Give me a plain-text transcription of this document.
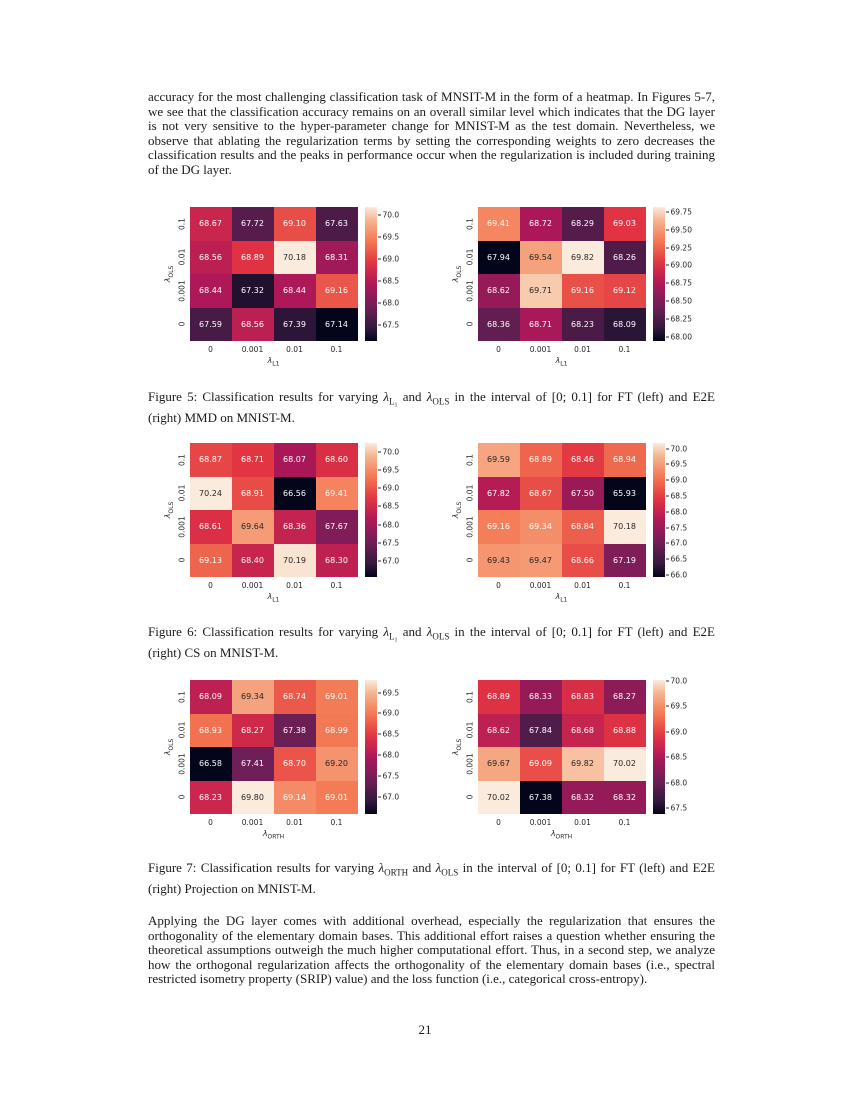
accuracy for the most challenging classification task of MNSIT-M in the form of a heatmap. In Figures 5-7, we see that the classification accuracy remains on an overall similar level which indicates that the DG layer is not very sensitive to the hyper-parameter change for MNIST-M as the test domain. Nevertheless, we observe that ablating the regularization terms by setting the corresponding weights to zero decreases the classification results and the peaks in performance occur when the regularization is included during training of the DG layer.

$\lambda_{OLS}$
0.1
0.01
0.001
0
68.67	67.72	69.10	67.63
68.56	68.89	70.18	68.31
68.44	67.32	68.44	69.16
67.59	68.56	67.39	67.14	67.5
68.0
68.5
69.0
69.5
70.0
0	0.001	0.01	0.1
$\lambda_{L1}$
$\lambda_{OLS}$
0.1
0.01
0.001
0
69.41	68.72	68.29	69.03
67.94	69.54	69.82	68.26
68.62	69.71	69.16	69.12
68.36	68.71	68.23	68.09
68.00
68.25
68.50
68.75
69.00
69.25
69.50
69.75
0	0.001	0.01	0.1
$\lambda_{L1}$

Figure 5: Classification results for varying $\lambda_{L_1}$ and $\lambda_{OLS}$ in the interval of [0; 0.1] for FT (left) and E2E (right) MMD on MNIST-M.

$\lambda_{OLS}$
0.1
0.01
0.001
0
68.87	68.71	68.07	68.60
70.24	68.91	66.56	69.41
68.61	69.64	68.36	67.67
69.13	68.40	70.19	68.30	67.0
67.5
68.0
68.5
69.0
69.5
70.0
0	0.001	0.01	0.1
$\lambda_{L1}$
$\lambda_{OLS}$
0.1
0.01
0.001
0
69.59	68.89	68.46	68.94
67.82	68.67	67.50	65.93
69.16	69.34	68.84	70.18
69.43	69.47	68.66	67.19
66.0
66.5
67.0
67.5
68.0
68.5
69.0
69.5
70.0
0	0.001	0.01	0.1
$\lambda_{L1}$

Figure 6: Classification results for varying $\lambda_{L_1}$ and $\lambda_{OLS}$ in the interval of [0; 0.1] for FT (left) and E2E (right) CS on MNIST-M.

$\lambda_{OLS}$
0.1
0.01
0.001
0
68.09	69.34	68.74	69.01
68.93	68.27	67.38	68.99
66.58	67.41	68.70	69.20
68.23	69.80	69.14	69.01	67.0
67.5
68.0
68.5
69.0
69.5
0	0.001	0.01	0.1
$\lambda_{ORTH}$
$\lambda_{OLS}$
0.1
0.01
0.001
0
68.89	68.33	68.83	68.27
68.62	67.84	68.68	68.88
69.67	69.09	69.82	70.02
70.02	67.38	68.32	68.32
67.5
68.0
68.5
69.0
69.5
70.0
0	0.001	0.01	0.1
$\lambda_{ORTH}$

Figure 7: Classification results for varying $\lambda_{ORTH}$ and $\lambda_{OLS}$ in the interval of [0; 0.1] for FT (left) and E2E (right) Projection on MNIST-M.

Applying the DG layer comes with additional overhead, especially the regularization that ensures the orthogonality of the elementary domain bases. This additional effort raises a question whether ensuring the theoretical assumptions outweigh the much higher computational effort. Thus, in a second step, we analyze how the orthogonal regularization affects the orthogonality of the elementary domain bases (i.e., spectral restricted isometry property (SRIP) value) and the loss function (i.e., categorical cross-entropy).

21
